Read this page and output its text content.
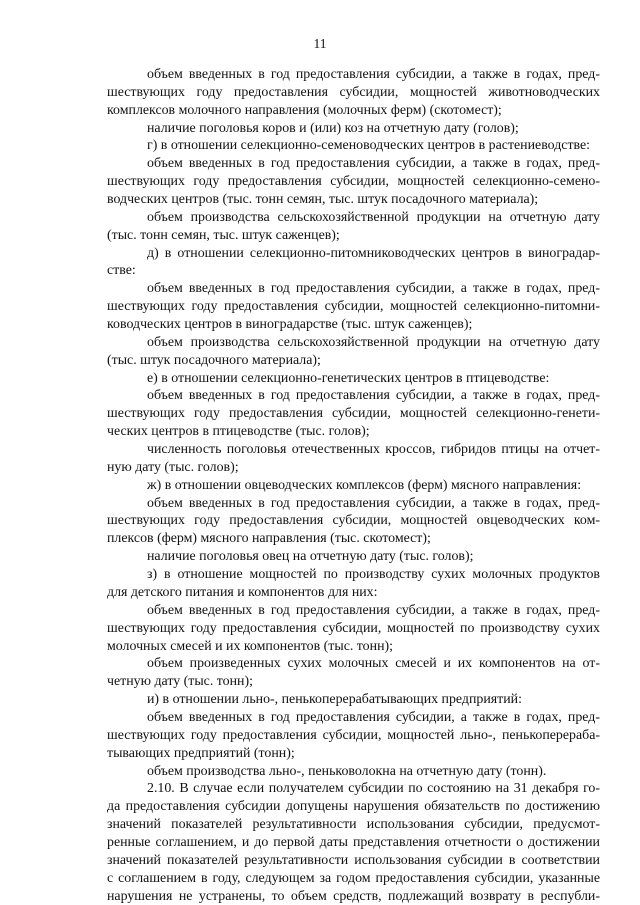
11
объем введенных в год предоставления субсидии, а также в годах, пред-
шествующих году предоставления субсидии, мощностей животноводческих
комплексов молочного направления (молочных ферм) (скотомест);
наличие поголовья коров и (или) коз на отчетную дату (голов);
г) в отношении селекционно-семеноводческих центров в растениеводстве:
объем введенных в год предоставления субсидии, а также в годах, пред-
шествующих году предоставления субсидии, мощностей селекционно-семено-
водческих центров (тыс. тонн семян, тыс. штук посадочного материала);
объем производства сельскохозяйственной продукции на отчетную дату
(тыс. тонн семян, тыс. штук саженцев);
д) в отношении селекционно-питомниководческих центров в виноградар-
стве:
объем введенных в год предоставления субсидии, а также в годах, пред-
шествующих году предоставления субсидии, мощностей селекционно-питомни-
ководческих центров в виноградарстве (тыс. штук саженцев);
объем производства сельскохозяйственной продукции на отчетную дату
(тыс. штук посадочного материала);
е) в отношении селекционно-генетических центров в птицеводстве:
объем введенных в год предоставления субсидии, а также в годах, пред-
шествующих году предоставления субсидии, мощностей селекционно-генети-
ческих центров в птицеводстве (тыс. голов);
численность поголовья отечественных кроссов, гибридов птицы на отчет-
ную дату (тыс. голов);
ж) в отношении овцеводческих комплексов (ферм) мясного направления:
объем введенных в год предоставления субсидии, а также в годах, пред-
шествующих году предоставления субсидии, мощностей овцеводческих ком-
плексов (ферм) мясного направления (тыс. скотомест);
наличие поголовья овец на отчетную дату (тыс. голов);
з) в отношение мощностей по производству сухих молочных продуктов
для детского питания и компонентов для них:
объем введенных в год предоставления субсидии, а также в годах, пред-
шествующих году предоставления субсидии, мощностей по производству сухих
молочных смесей и их компонентов (тыс. тонн);
объем произведенных сухих молочных смесей и их компонентов на от-
четную дату (тыс. тонн);
и) в отношении льно-, пенькоперерабатывающих предприятий:
объем введенных в год предоставления субсидии, а также в годах, пред-
шествующих году предоставления субсидии, мощностей льно-, пенькоперераба-
тывающих предприятий (тонн);
объем производства льно-, пеньковолокна на отчетную дату (тонн).
2.10. В случае если получателем субсидии по состоянию на 31 декабря го-
да предоставления субсидии допущены нарушения обязательств по достижению
значений показателей результативности использования субсидии, предусмот-
ренные соглашением, и до первой даты представления отчетности о достижении
значений показателей результативности использования субсидии в соответствии
с соглашением в году, следующем за годом предоставления субсидии, указанные
нарушения не устранены, то объем средств, подлежащий возврату в республи-
